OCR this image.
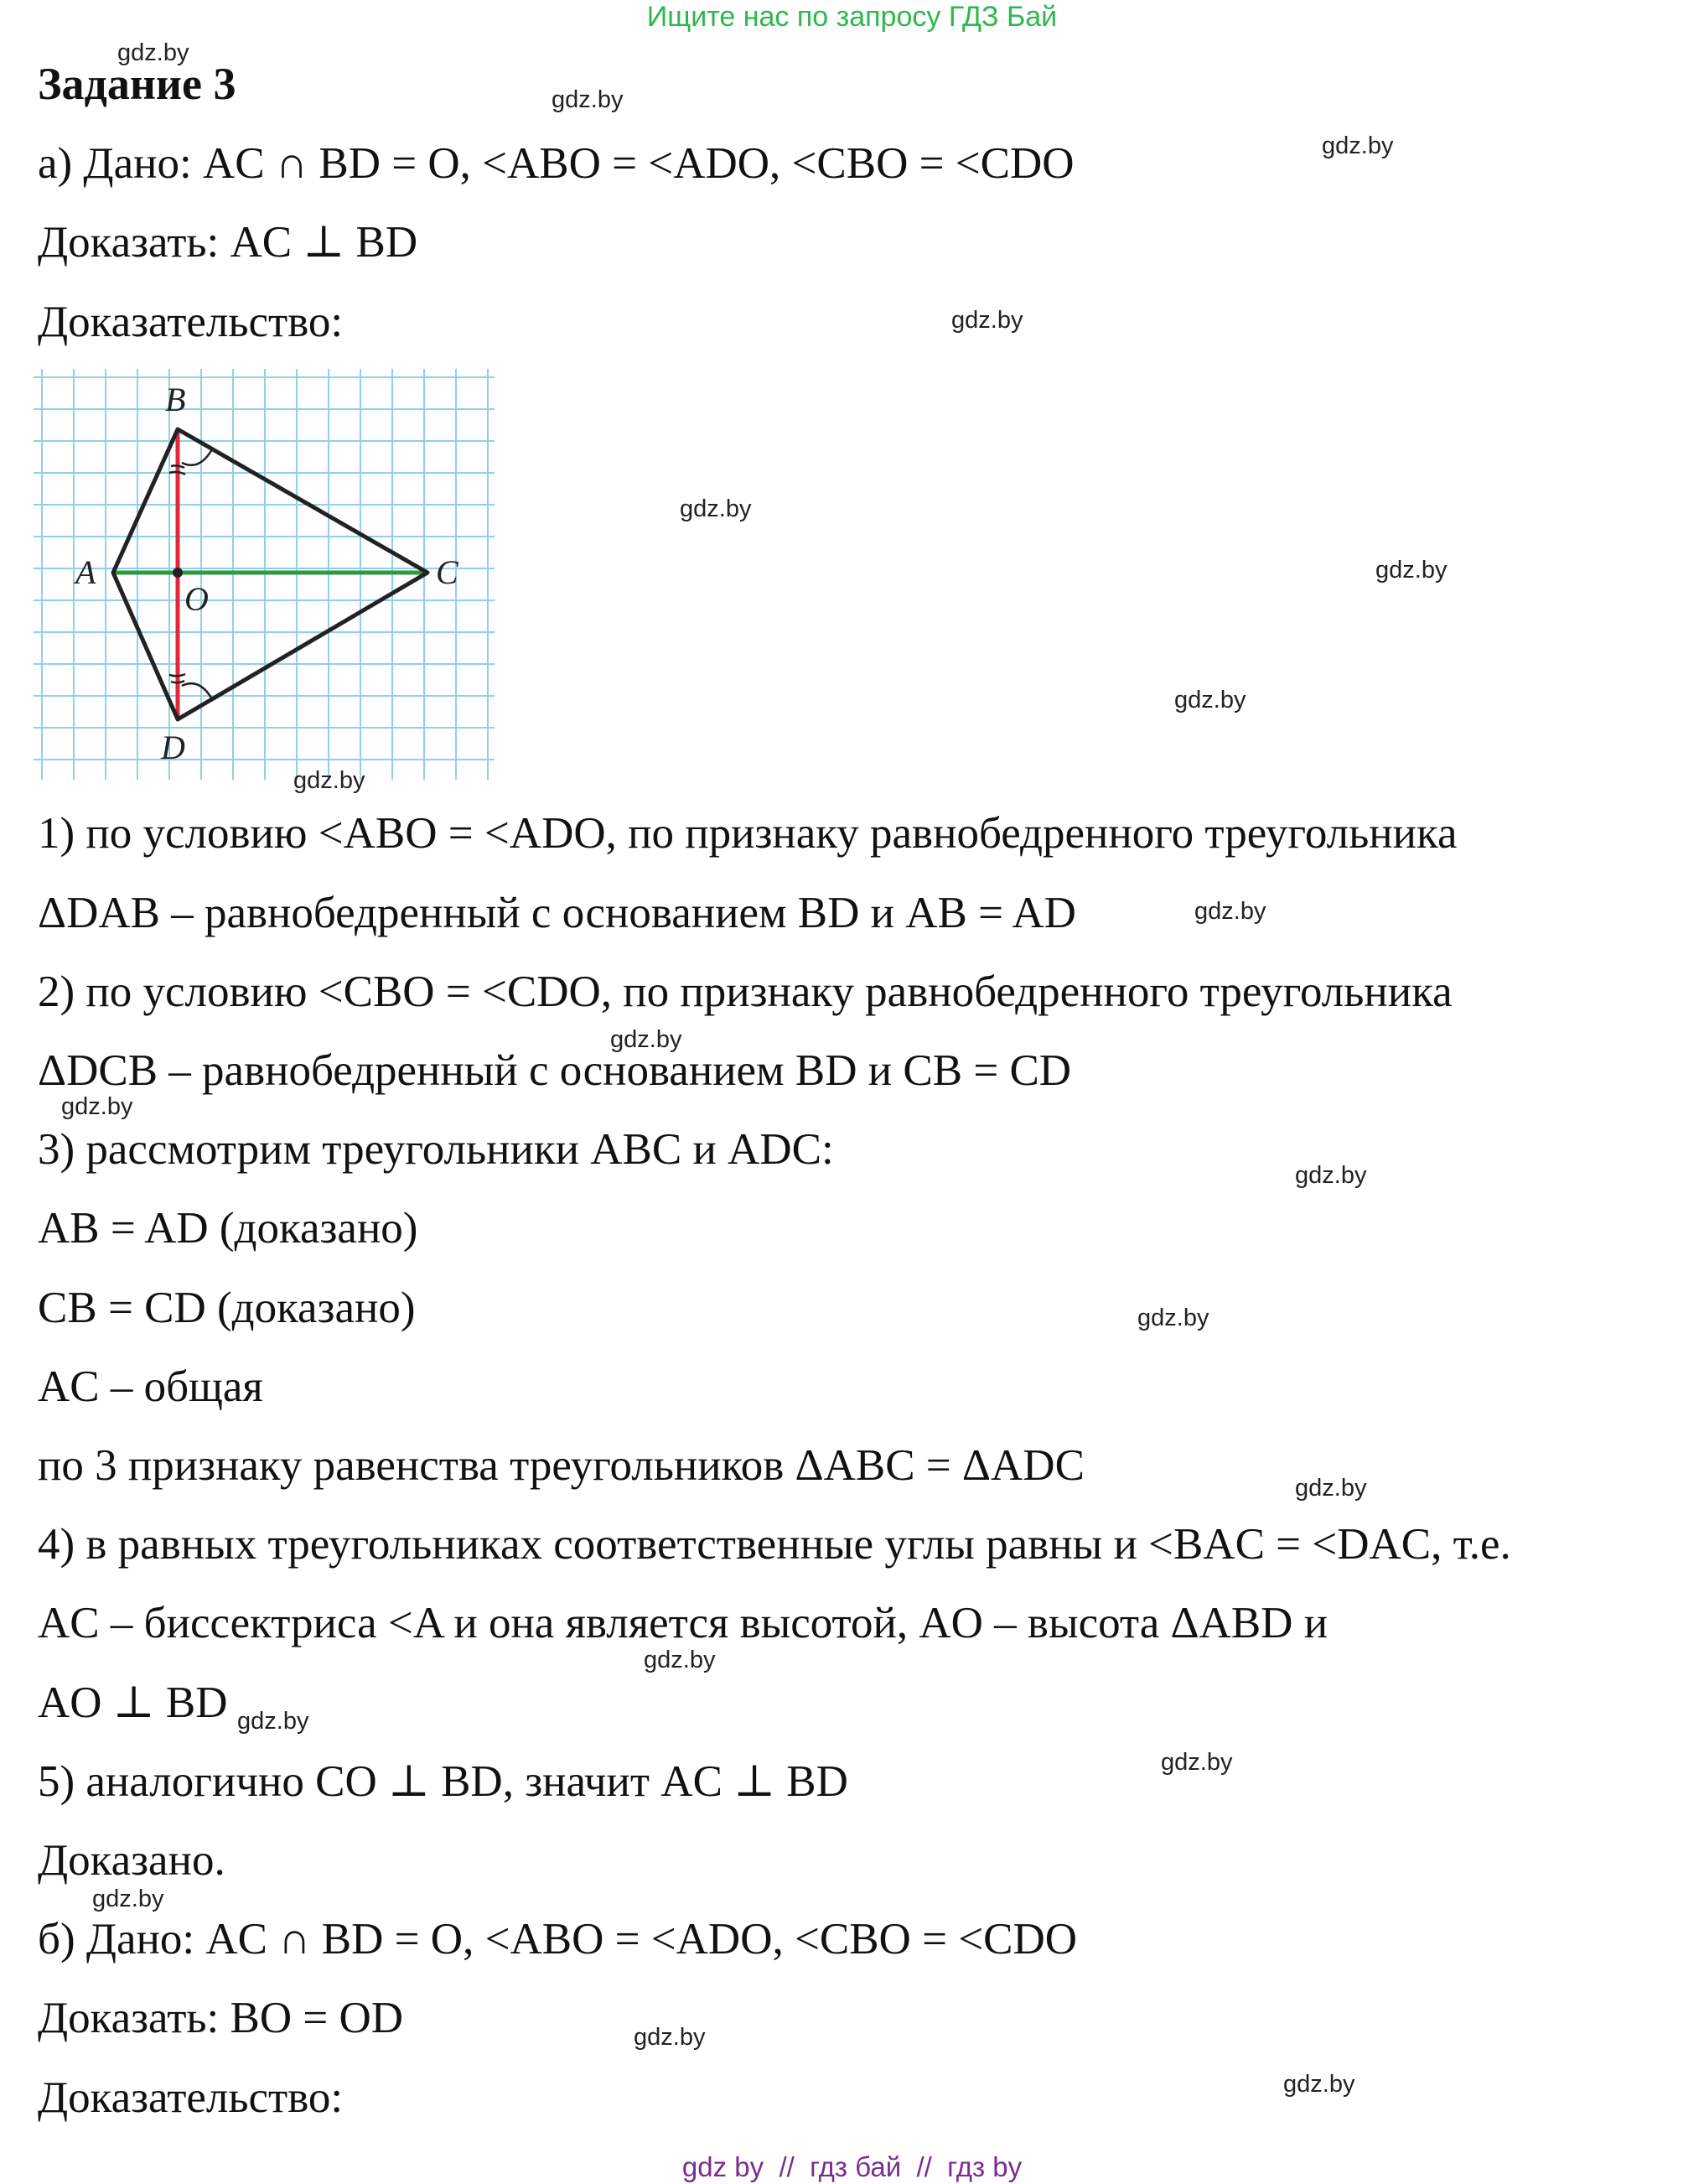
Ищите нас по запросу ГДЗ Бай
Задание 3
а) Дано: AC ∩ BD = O, <ABO = <ADO, <CBO = <CDO
Доказать: AC ⊥ BD
Доказательство:
B
A	C
O
D
1) по условию <ABO = <ADO, по признаку равнобедренного треугольника
ΔDAB – равнобедренный с основанием BD и AB = AD
2) по условию <CBO = <CDO, по признаку равнобедренного треугольника
ΔDCB – равнобедренный с основанием BD и CB = CD
3) рассмотрим треугольники ABC и ADC:
AB = AD (доказано)
CB = CD (доказано)
AC – общая
по 3 признаку равенства треугольников ΔABC = ΔADC
4) в равных треугольниках соответственные углы равны и <BAC = <DAC, т.е.
AC – биссектриса <A и она является высотой, AO – высота ΔABD и
AO ⊥ BD
5) аналогично CO ⊥ BD, значит AC ⊥ BD
Доказано.
б) Дано: AC ∩ BD = O, <ABO = <ADO, <CBO = <CDO
Доказать: BO = OD
Доказательство:
gdz.by
gdz.by
gdz.by
gdz.by
gdz.by
gdz.by
gdz.by
gdz.by
gdz.by
gdz.by
gdz.by
gdz.by
gdz.by
gdz.by
gdz.by
gdz.by
gdz.by
gdz.by
gdz.by
gdz.by
gdz by  //  гдз бай  //  гдз by
